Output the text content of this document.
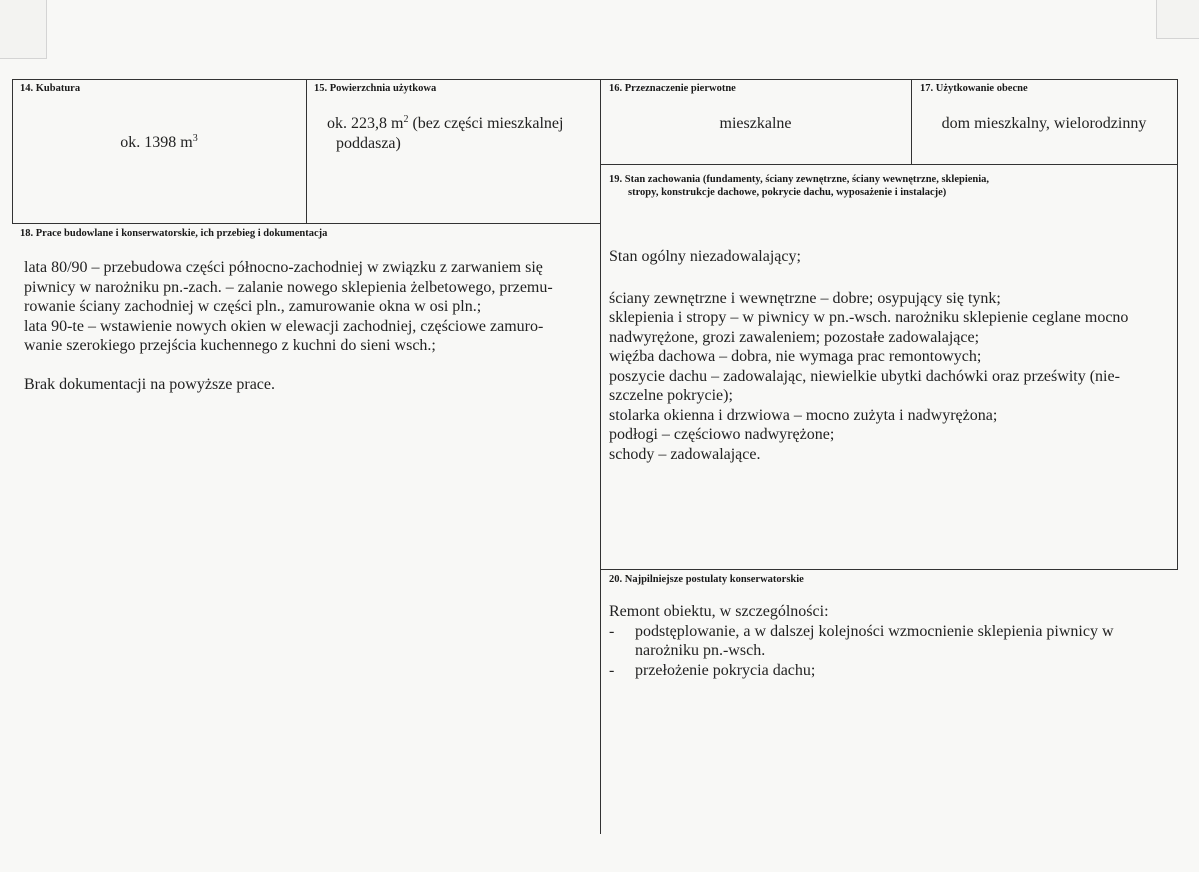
14. Kubatura
ok. 1398 $m^3$
15. Powierzchnia użytkowa
ok. 223,8 $m^2$ (bez części mieszkalnej
poddasza)
16. Przeznaczenie pierwotne
mieszkalne
17. Użytkowanie obecne
dom mieszkalny, wielorodzinny
18. Prace budowlane i konserwatorskie, ich przebieg i dokumentacja
lata 80/90 – przebudowa części północno-zachodniej w związku z zarwaniem się
piwnicy w narożniku pn.-zach. – zalanie nowego sklepienia żelbetowego, przemu-
rowanie ściany zachodniej w części pln., zamurowanie okna w osi pln.;
lata 90-te – wstawienie nowych okien w elewacji zachodniej, częściowe zamuro-
wanie szerokiego przejścia kuchennego z kuchni do sieni wsch.;
Brak dokumentacji na powyższe prace.
19. Stan zachowania (fundamenty, ściany zewnętrzne, ściany wewnętrzne, sklepienia,
stropy, konstrukcje dachowe, pokrycie dachu, wyposażenie i instalacje)
Stan ogólny niezadowalający;
ściany zewnętrzne i wewnętrzne – dobre; osypujący się tynk;
sklepienia i stropy – w piwnicy w pn.-wsch. narożniku sklepienie ceglane mocno
nadwyrężone, grozi zawaleniem; pozostałe zadowalające;
więźba dachowa – dobra, nie wymaga prac remontowych;
poszycie dachu – zadowalając, niewielkie ubytki dachówki oraz prześwity (nie-
szczelne pokrycie);
stolarka okienna i drzwiowa – mocno zużyta i nadwyrężona;
podłogi – częściowo nadwyrężone;
schody – zadowalające.
20. Najpilniejsze postulaty konserwatorskie
Remont obiektu, w szczególności:
-	podstęplowanie, a w dalszej kolejności wzmocnienie sklepienia piwnicy w
narożniku pn.-wsch.
-	przełożenie pokrycia dachu;
